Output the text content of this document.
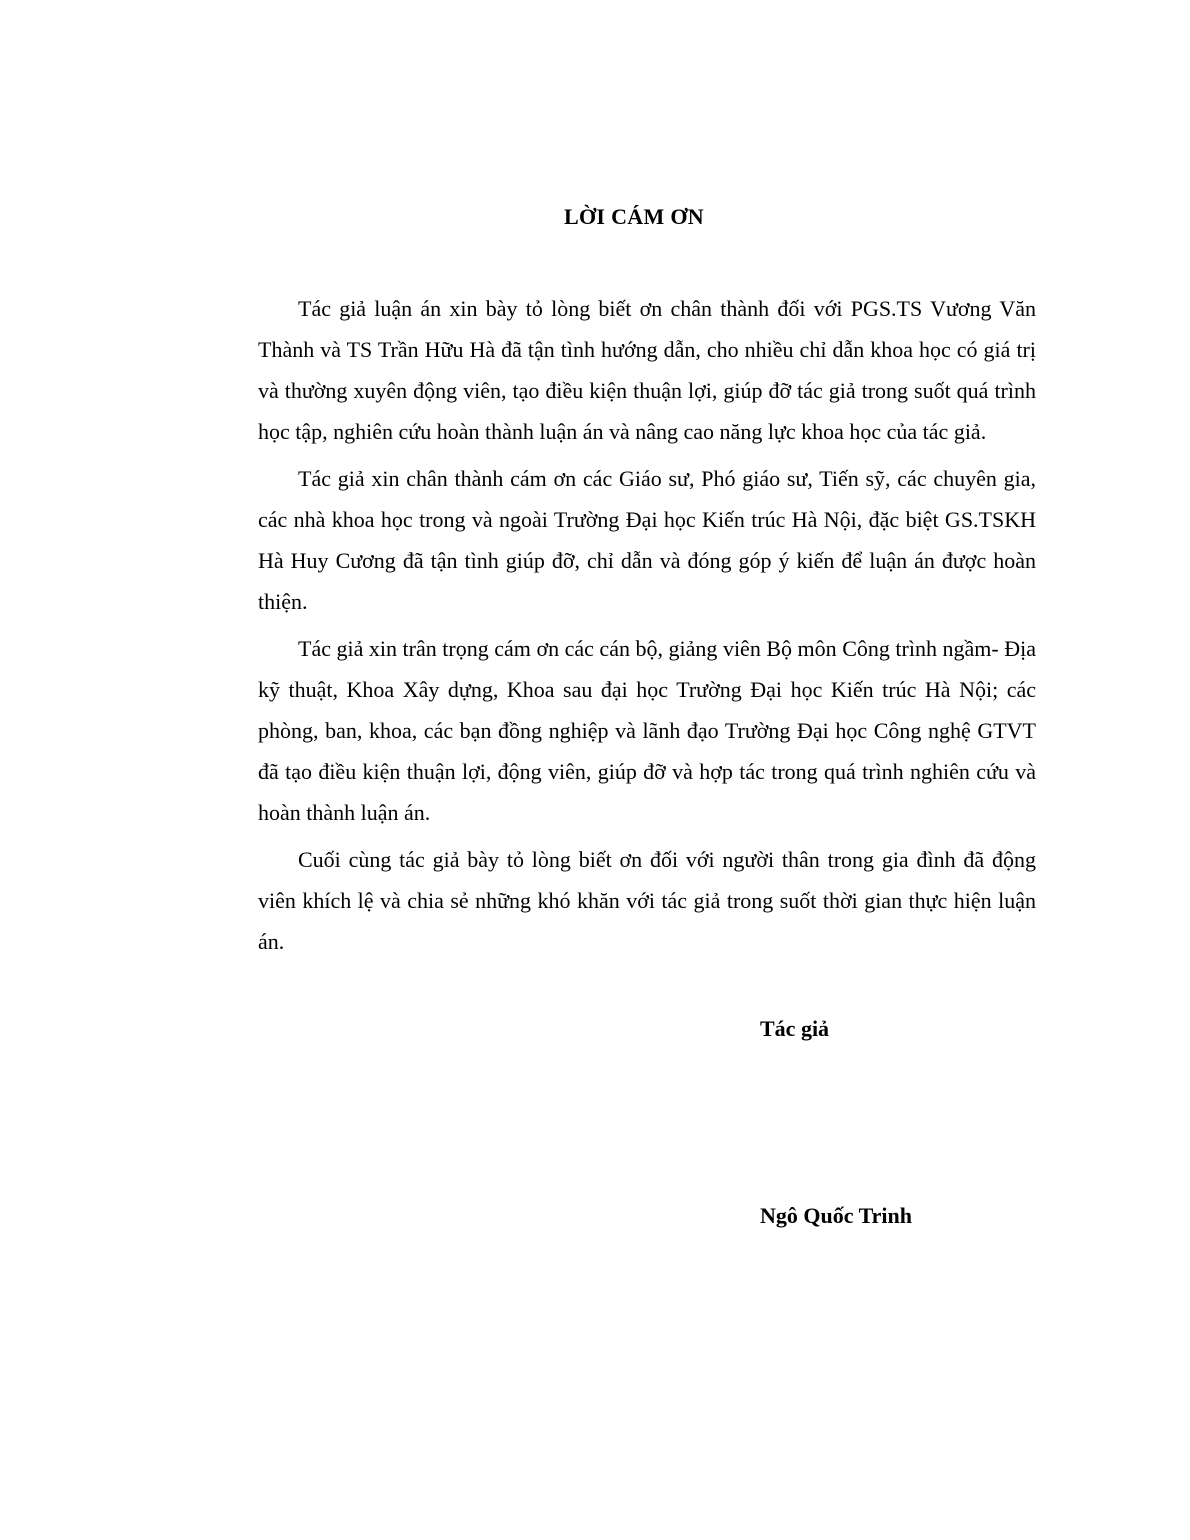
LỜI CÁM ƠN

Tác giả luận án xin bày tỏ lòng biết ơn chân thành đối với PGS.TS Vương Văn Thành và TS Trần Hữu Hà đã tận tình hướng dẫn, cho nhiều chỉ dẫn khoa học có giá trị và thường xuyên động viên, tạo điều kiện thuận lợi, giúp đỡ tác giả trong suốt quá trình học tập, nghiên cứu hoàn thành luận án và nâng cao năng lực khoa học của tác giả.

Tác giả xin chân thành cám ơn các Giáo sư, Phó giáo sư, Tiến sỹ, các chuyên gia, các nhà khoa học trong và ngoài Trường Đại học Kiến trúc Hà Nội, đặc biệt GS.TSKH Hà Huy Cương đã tận tình giúp đỡ, chỉ dẫn và đóng góp ý kiến để luận án được hoàn thiện.

Tác giả xin trân trọng cám ơn các cán bộ, giảng viên Bộ môn Công trình ngầm- Địa kỹ thuật, Khoa Xây dựng, Khoa sau đại học Trường Đại học Kiến trúc Hà Nội; các phòng, ban, khoa, các bạn đồng nghiệp và lãnh đạo Trường Đại học Công nghệ GTVT đã tạo điều kiện thuận lợi, động viên, giúp đỡ và hợp tác trong quá trình nghiên cứu và hoàn thành luận án.

Cuối cùng tác giả bày tỏ lòng biết ơn đối với người thân trong gia đình đã động viên khích lệ và chia sẻ những khó khăn với tác giả trong suốt thời gian thực hiện luận án.

Tác giả
Ngô Quốc Trinh
